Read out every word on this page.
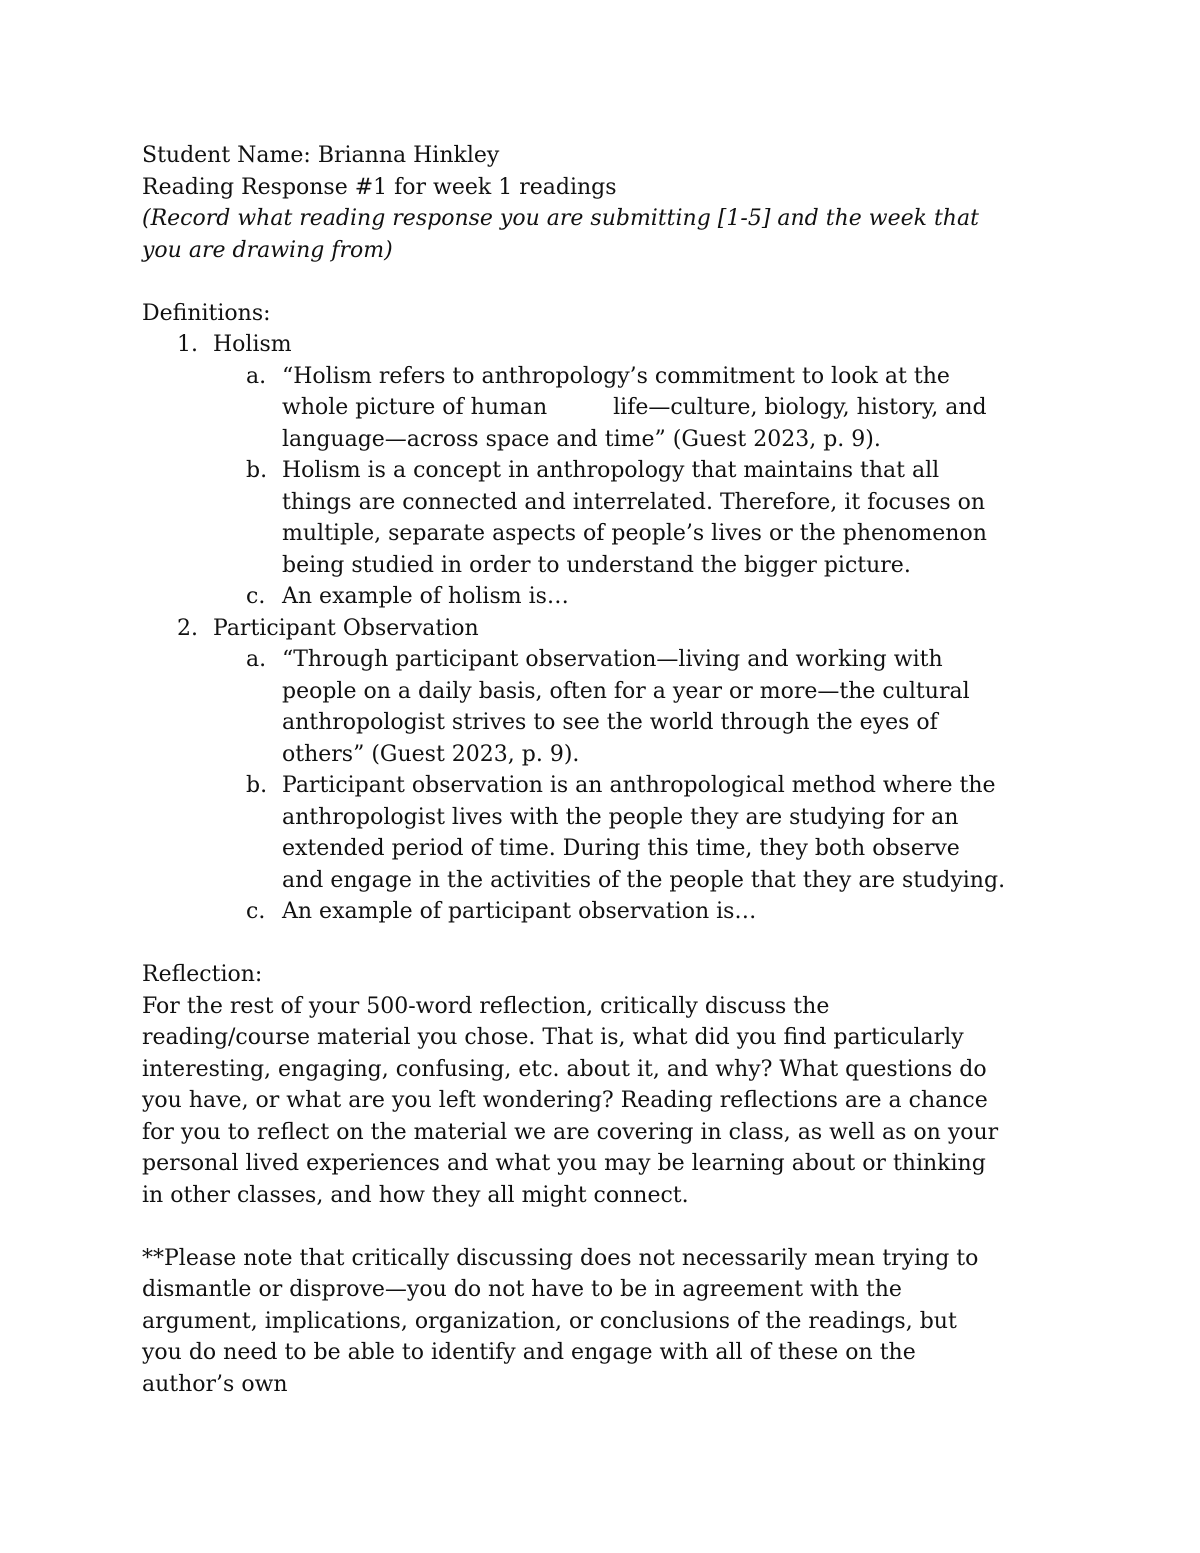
Student Name: Brianna Hinkley
Reading Response #1 for week 1 readings
(Record what reading response you are submitting [1-5] and the week that
you are drawing from)
Definitions:
1. Holism
a. “Holism refers to anthropology’s commitment to look at the
whole picture of human	life—culture, biology, history, and
language—across space and time” (Guest 2023, p. 9).
b. Holism is a concept in anthropology that maintains that all
things are connected and interrelated. Therefore, it focuses on
multiple, separate aspects of people’s lives or the phenomenon
being studied in order to understand the bigger picture.
c. An example of holism is…
2. Participant Observation
a. “Through participant observation—living and working with
people on a daily basis, often for a year or more—the cultural
anthropologist strives to see the world through the eyes of
others” (Guest 2023, p. 9).
b. Participant observation is an anthropological method where the
anthropologist lives with the people they are studying for an
extended period of time. During this time, they both observe
and engage in the activities of the people that they are studying.
c. An example of participant observation is…
Reflection:
For the rest of your 500-word reflection, critically discuss the
reading/course material you chose. That is, what did you find particularly
interesting, engaging, confusing, etc. about it, and why? What questions do
you have, or what are you left wondering? Reading reflections are a chance
for you to reflect on the material we are covering in class, as well as on your
personal lived experiences and what you may be learning about or thinking
in other classes, and how they all might connect.
**Please note that critically discussing does not necessarily mean trying to
dismantle or disprove—you do not have to be in agreement with the
argument, implications, organization, or conclusions of the readings, but
you do need to be able to identify and engage with all of these on the
author’s own
